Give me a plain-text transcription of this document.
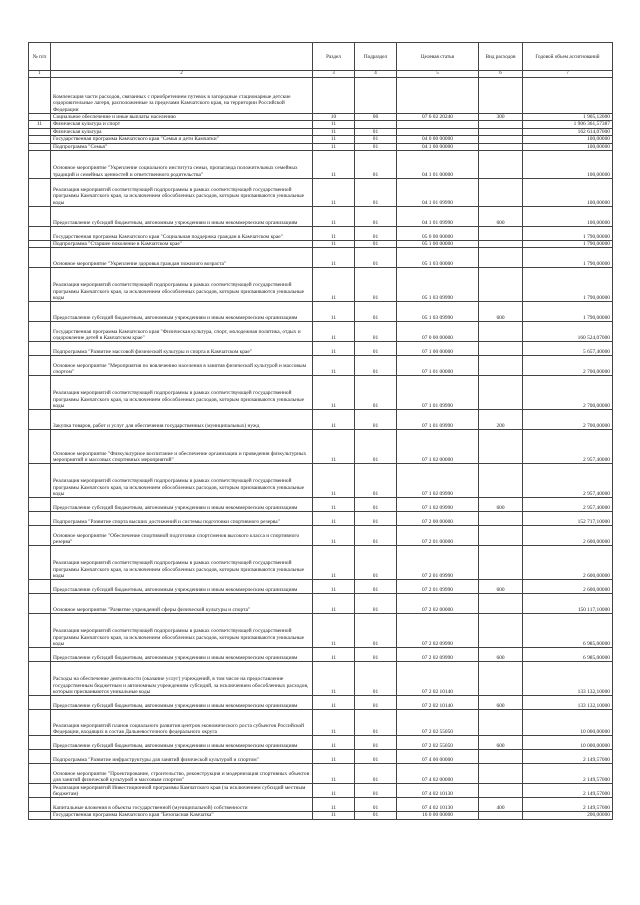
№ п/п		Раздел	Подраздел	Целевая статья	Вид расходов	Годовой объем ассигнований
1	2	3	4	5	6	7
	Компенсация части расходов, связанных с приобретением путевок в загородные стационарные детские оздоровительные лагеря, расположенные за пределами Камчатского края, на территории Российской Федерации					
	Социальное обеспечение и иные выплаты населению	10	06	07 6 02 20240	300	1 905,12000
11	Физическая культура и спорт	11				1 906 361,57387
	Физическая культура	11	01			162 614,07000
	Государственная программа Камчатского края "Семья и дети Камчатки"	11	01	04 0 00 00000		100,00000
	Подпрограмма "Семья"	11	01	04 1 00 00000		100,00000
	Основное мероприятие "Укрепление социального института семьи, пропаганда положительных семейных традиций и семейных ценностей и ответственного родительства"	11	01	04 1 01 00000		100,00000
	Реализация мероприятий соответствующей подпрограммы в рамках соответствующей государственной программы Камчатского края, за исключением обособленных расходов, которым присваиваются уникальные коды	11	01	04 1 01 09990		100,00000
	Предоставление субсидий бюджетным, автономным учреждениям и иным некоммерческим организациям	11	01	04 1 01 09990	600	100,00000
	Государственная программа Камчатского края "Социальная поддержка граждан в Камчатском крае"	11	01	05 0 00 00000		1 790,00000
	Подпрограмма "Старшее поколение в Камчатском крае"	11	01	05 1 00 00000		1 790,00000
	Основное мероприятие "Укрепление здоровья граждан пожилого возраста"	11	01	05 1 03 00000		1 790,00000
	Реализация мероприятий соответствующей подпрограммы в рамках соответствующей государственной программы Камчатского края, за исключением обособленных расходов, которым присваиваются уникальные коды	11	01	05 1 03 09990		1 790,00000
	Предоставление субсидий бюджетным, автономным учреждениям и иным некоммерческим организациям	11	01	05 1 03 09990	600	1 790,00000
	Государственная программа Камчатского края "Физическая культура, спорт, молодежная политика, отдых и оздоровление детей в Камчатском крае"	11	01	07 0 00 00000		160 524,07000
	Подпрограмма "Развитие массовой физической культуры и спорта в Камчатском крае"	11	01	07 1 00 00000		5 657,40000
	Основное мероприятие "Мероприятия по вовлечению населения в занятия физической культурой и массовым спортом"	11	01	07 1 01 00000		2 700,00000
	Реализация мероприятий соответствующей подпрограммы в рамках соответствующей государственной программы Камчатского края, за исключением обособленных расходов, которым присваиваются уникальные коды	11	01	07 1 01 09990		2 700,00000
	Закупка товаров, работ и услуг для обеспечения государственных (муниципальных) нужд	11	01	07 1 01 09990	200	2 700,00000
	Основное мероприятие "Физкультурное воспитание и обеспечение организации и проведения физкультурных мероприятий и массовых спортивных мероприятий"	11	01	07 1 02 00000		2 957,40000
	Реализация мероприятий соответствующей подпрограммы в рамках соответствующей государственной программы Камчатского края, за исключением обособленных расходов, которым присваиваются уникальные коды	11	01	07 1 02 09990		2 957,40000
	Предоставление субсидий бюджетным, автономным учреждениям и иным некоммерческим организациям	11	01	07 1 02 09990	600	2 957,40000
	Подпрограмма "Развитие спорта высших достижений и системы подготовки спортивного резерва"	11	01	07 2 00 00000		152 717,10000
	Основное мероприятие "Обеспечение спортивной подготовки спортсменов высокого класса и спортивного резерва"	11	01	07 2 01 00000		2 600,00000
	Реализация мероприятий соответствующей подпрограммы в рамках соответствующей государственной программы Камчатского края, за исключением обособленных расходов, которым присваиваются уникальные коды	11	01	07 2 01 09990		2 600,00000
	Предоставление субсидий бюджетным, автономным учреждениям и иным некоммерческим организациям	11	01	07 2 01 09990	600	2 600,00000
	Основное мероприятие "Развитие учреждений сферы физической культуры и спорта"	11	01	07 2 02 00000		150 117,10000
	Реализация мероприятий соответствующей подпрограммы в рамках соответствующей государственной программы Камчатского края, за исключением обособленных расходов, которым присваиваются уникальные коды	11	01	07 2 02 09990		6 985,00000
	Предоставление субсидий бюджетным, автономным учреждениям и иным некоммерческим организациям	11	01	07 2 02 09990	600	6 985,00000
	Расходы на обеспечение деятельности (оказание услуг) учреждений, в том числе на предоставление государственным бюджетным и автономным учреждениям субсидий, за исключением обособленных расходов, которым присваиваются уникальные коды	11	01	07 2 02 10140		133 132,10000
	Предоставление субсидий бюджетным, автономным учреждениям и иным некоммерческим организациям	11	01	07 2 02 10140	600	133 132,10000
	Реализация мероприятий планов социального развития центров экономического роста субъектов Российской Федерации, входящих в состав Дальневосточного федерального округа	11	01	07 2 02 55050		10 000,00000
	Предоставление субсидий бюджетным, автономным учреждениям и иным некоммерческим организациям	11	01	07 2 02 55050	600	10 000,00000
	Подпрограмма "Развитие инфраструктуры для занятий физической культурой и спортом"	11	01	07 4 00 00000		2 149,57000
	Основное мероприятие "Проектирование, строительство, реконструкция и модернизация спортивных объектов для занятий физической культурой и массовым спортом"	11	01	07 4 02 00000		2 149,57000
	Реализация мероприятий Инвестиционной программы Камчатского края (за исключением субсидий местным бюджетам)	11	01	07 4 02 10130		2 149,57000
	Капитальные вложения в объекты государственной (муниципальной) собственности	11	01	07 4 02 10130	400	2 149,57000
	Государственная программа Камчатского края "Безопасная Камчатка"	11	01	16 0 00 00000		200,00000
